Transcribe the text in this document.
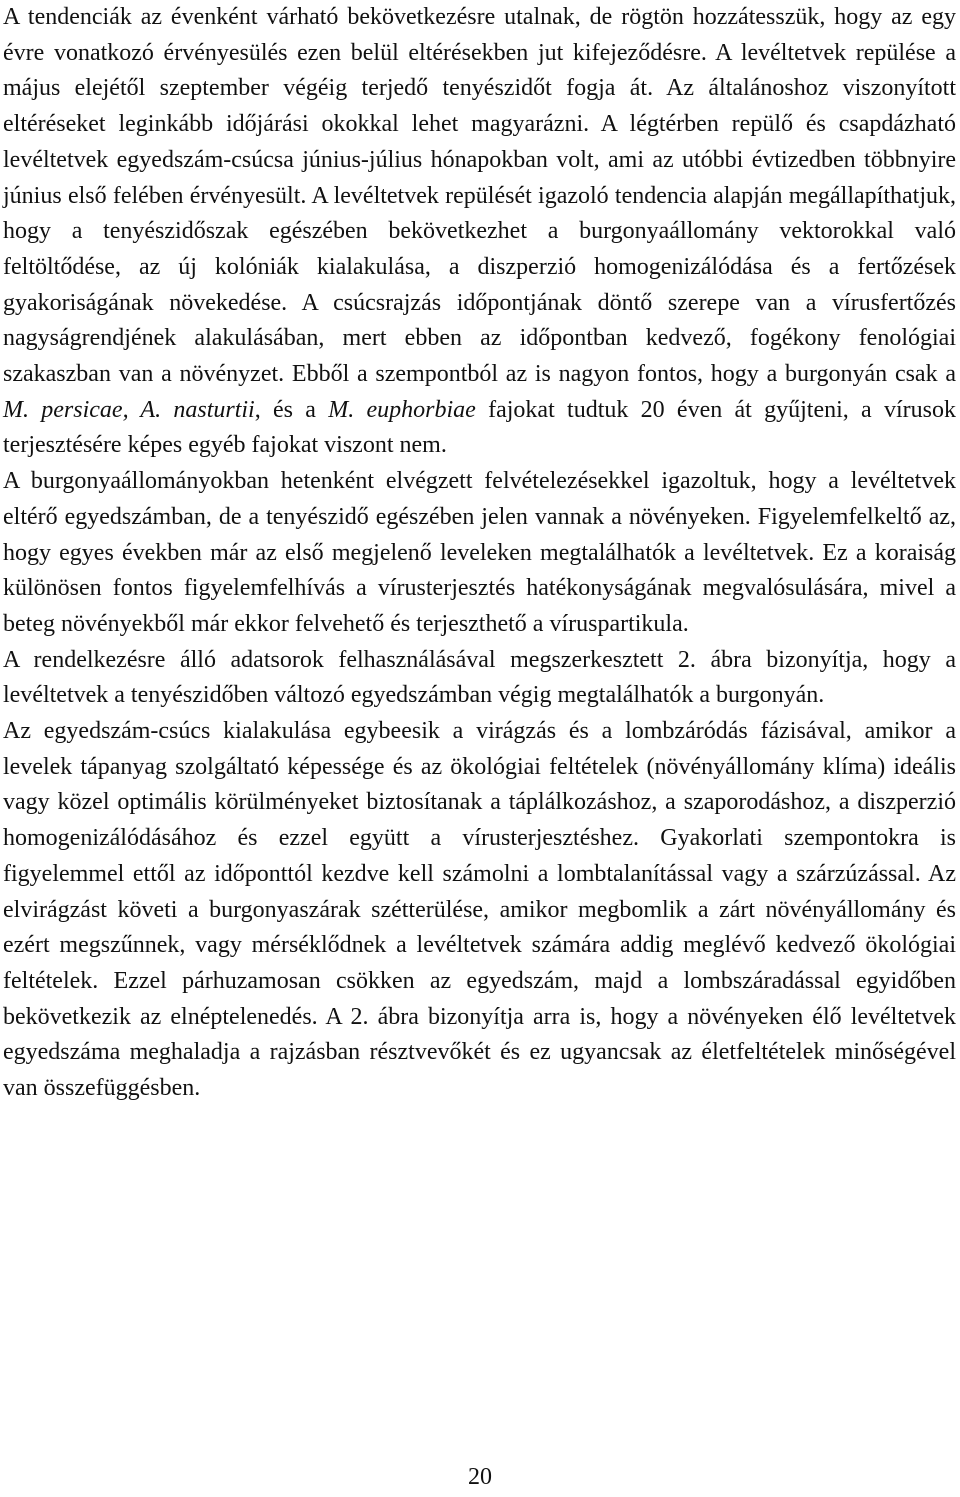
A tendenciák az évenként várható bekövetkezésre utalnak, de rögtön hozzátesszük, hogy az egy évre vonatkozó érvényesülés ezen belül eltérésekben jut kifejeződésre. A levéltetvek repülése a május elejétől szeptember végéig terjedő tenyészidőt fogja át. Az általánoshoz viszonyított eltéréseket leginkább időjárási okokkal lehet magyarázni. A légtérben repülő és csapdázható levéltetvek egyedszám-csúcsa június-július hónapokban volt, ami az utóbbi évtizedben többnyire június első felében érvényesült. A levéltetvek repülését igazoló tendencia alapján megállapíthatjuk, hogy a tenyészidőszak egészében bekövetkezhet a burgonyaállomány vektorokkal való feltöltődése, az új kolóniák kialakulása, a diszperzió homogenizálódása és a fertőzések gyakoriságának növekedése. A csúcsrajzás időpontjának döntő szerepe van a vírusfertőzés nagyságrendjének alakulásában, mert ebben az időpontban kedvező, fogékony fenológiai szakaszban van a növényzet. Ebből a szempontból az is nagyon fontos, hogy a burgonyán csak a M. persicae, A. nasturtii, és a M. euphorbiae fajokat tudtuk 20 éven át gyűjteni, a vírusok terjesztésére képes egyéb fajokat viszont nem.

A burgonyaállományokban hetenként elvégzett felvételezésekkel igazoltuk, hogy a levéltetvek eltérő egyedszámban, de a tenyészidő egészében jelen vannak a növényeken. Figyelemfelkeltő az, hogy egyes években már az első megjelenő leveleken megtalálhatók a levéltetvek. Ez a koraiság különösen fontos figyelemfelhívás a vírusterjesztés hatékonyságának megvalósulására, mivel a beteg növényekből már ekkor felvehető és terjeszthető a víruspartikula.

A rendelkezésre álló adatsorok felhasználásával megszerkesztett 2. ábra bizonyítja, hogy a levéltetvek a tenyészidőben változó egyedszámban végig megtalálhatók a burgonyán.

Az egyedszám-csúcs kialakulása egybeesik a virágzás és a lombzáródás fázisával, amikor a levelek tápanyag szolgáltató képessége és az ökológiai feltételek (növényállomány klíma) ideális vagy közel optimális körülményeket biztosítanak a táplálkozáshoz, a szaporodáshoz, a diszperzió homogenizálódásához és ezzel együtt a vírusterjesztéshez. Gyakorlati szempontokra is figyelemmel ettől az időponttól kezdve kell számolni a lombtalanítással vagy a szárzúzással. Az elvirágzást követi a burgonyaszárak szétterülése, amikor megbomlik a zárt növényállomány és ezért megszűnnek, vagy mérséklődnek a levéltetvek számára addig meglévő kedvező ökológiai feltételek. Ezzel párhuzamosan csökken az egyedszám, majd a lombszáradással egyidőben bekövetkezik az elnéptelenedés. A 2. ábra bizonyítja arra is, hogy a növényeken élő levéltetvek egyedszáma meghaladja a rajzásban résztvevőkét és ez ugyancsak az életfeltételek minőségével van összefüggésben.

20
